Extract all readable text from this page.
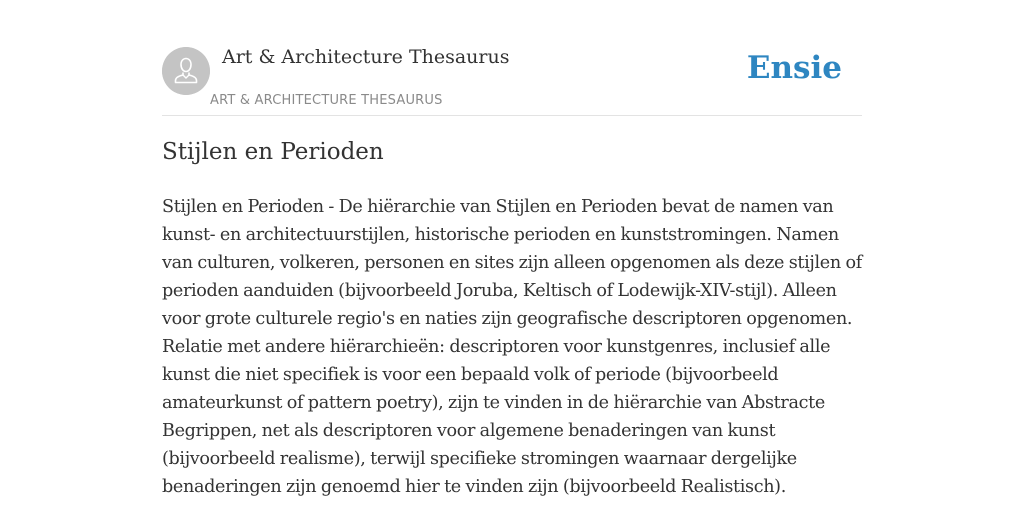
Art & Architecture Thesaurus
ART & ARCHITECTURE THESAURUS
Ensie
Stijlen en Perioden

Stijlen en Perioden - De hiërarchie van Stijlen en Perioden bevat de namen van kunst- en architectuurstijlen, historische perioden en kunststromingen. Namen van culturen, volkeren, personen en sites zijn alleen opgenomen als deze stijlen of perioden aanduiden (bijvoorbeeld Joruba, Keltisch of Lodewijk-XIV-stijl). Alleen voor grote culturele regio's en naties zijn geografische descriptoren opgenomen. Relatie met andere hiërarchieën: descriptoren voor kunstgenres, inclusief alle kunst die niet specifiek is voor een bepaald volk of periode (bijvoorbeeld amateurkunst of pattern poetry), zijn te vinden in de hiërarchie van Abstracte Begrippen, net als descriptoren voor algemene benaderingen van kunst (bijvoorbeeld realisme), terwijl specifieke stromingen waarnaar dergelijke benaderingen zijn genoemd hier te vinden zijn (bijvoorbeeld Realistisch).
